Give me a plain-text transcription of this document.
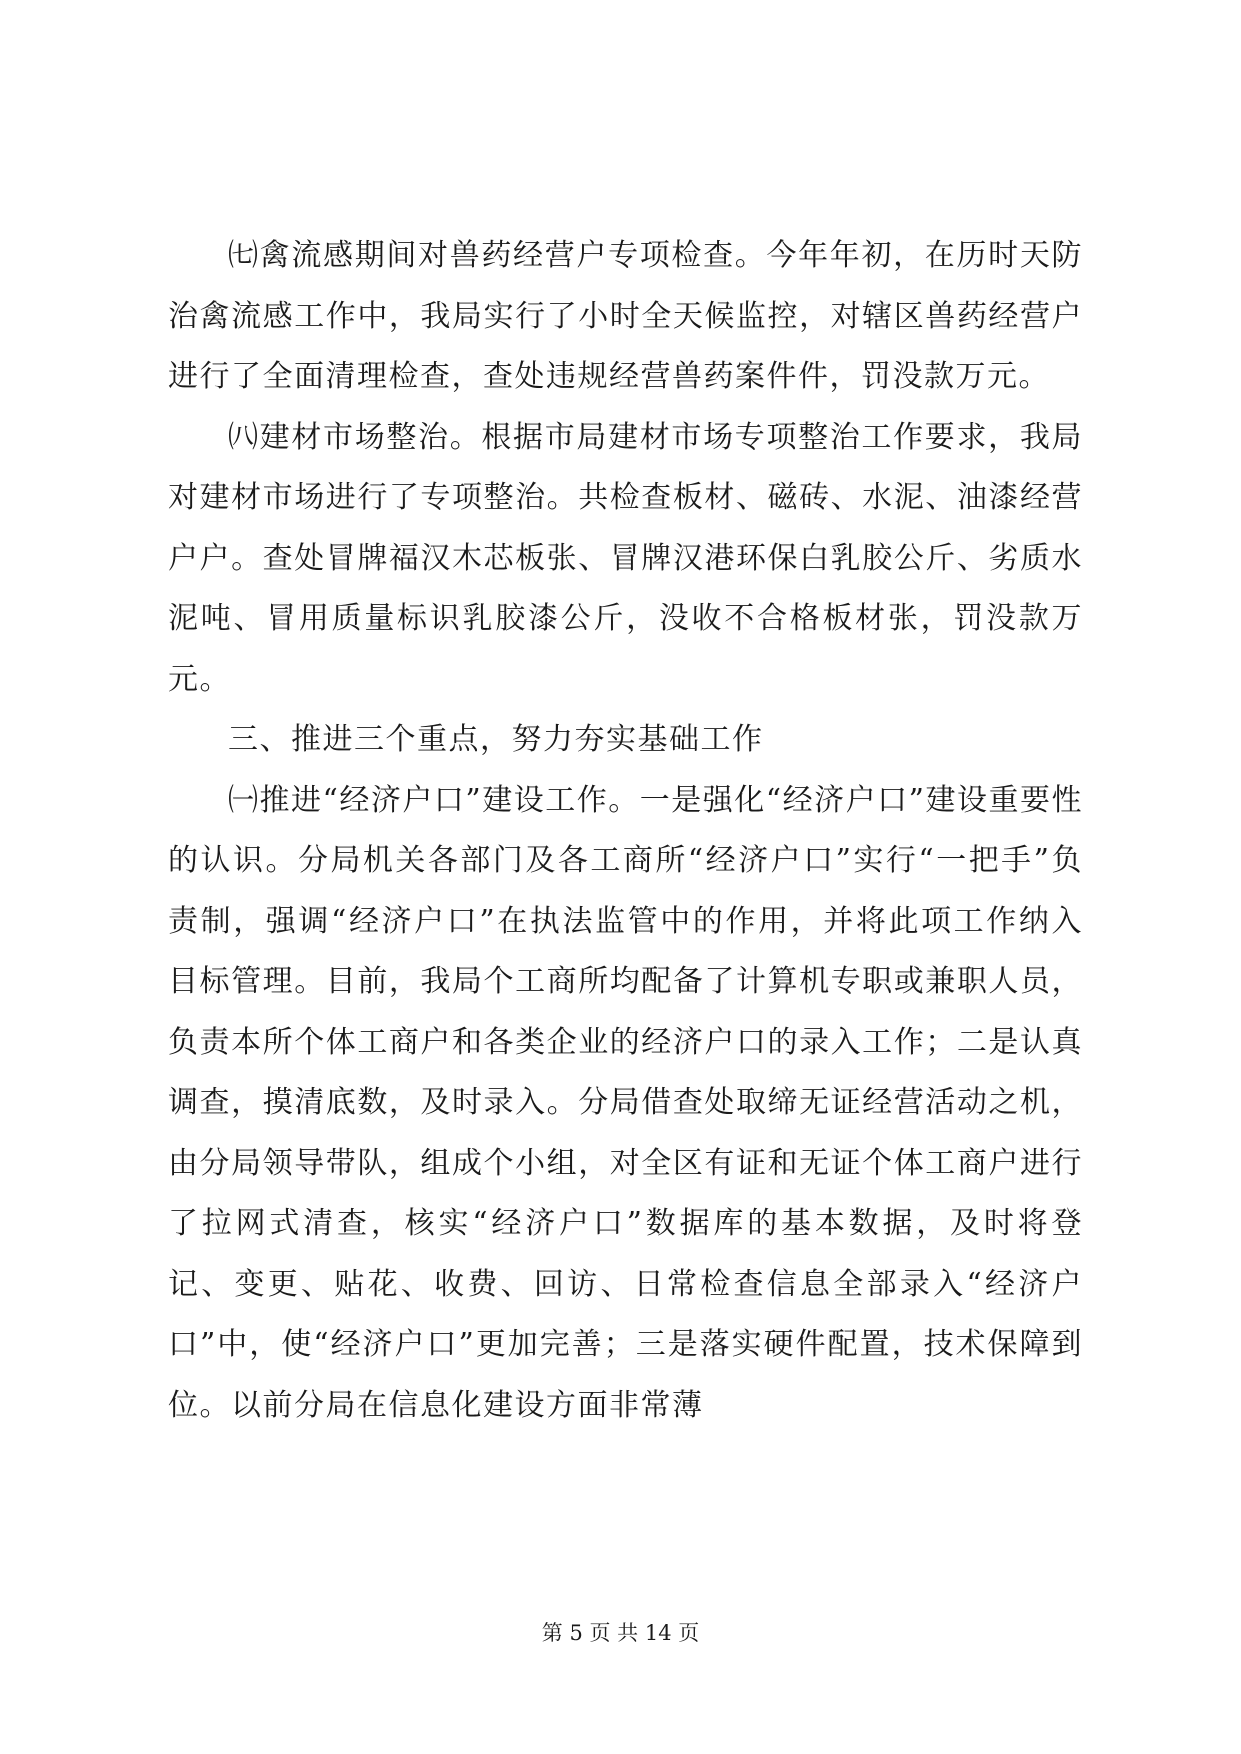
㈦禽流感期间对兽药经营户专项检查。今年年初，在历时天防治禽流感工作中，我局实行了小时全天候监控，对辖区兽药经营户进行了全面清理检查，查处违规经营兽药案件件，罚没款万元。

㈧建材市场整治。根据市局建材市场专项整治工作要求，我局对建材市场进行了专项整治。共检查板材、磁砖、水泥、油漆经营户户。查处冒牌福汉木芯板张、冒牌汉港环保白乳胶公斤、劣质水泥吨、冒用质量标识乳胶漆公斤，没收不合格板材张，罚没款万元。

三、推进三个重点，努力夯实基础工作

㈠推进“经济户口”建设工作。一是强化“经济户口”建设重要性的认识。分局机关各部门及各工商所“经济户口”实行“一把手”负责制，强调“经济户口”在执法监管中的作用，并将此项工作纳入目标管理。目前，我局个工商所均配备了计算机专职或兼职人员，负责本所个体工商户和各类企业的经济户口的录入工作；二是认真调查，摸清底数，及时录入。分局借查处取缔无证经营活动之机，由分局领导带队，组成个小组，对全区有证和无证个体工商户进行了拉网式清查，核实“经济户口”数据库的基本数据，及时将登记、变更、贴花、收费、回访、日常检查信息全部录入“经济户口”中，使“经济户口”更加完善；三是落实硬件配置，技术保障到位。以前分局在信息化建设方面非常薄

第 5 页 共 14 页
